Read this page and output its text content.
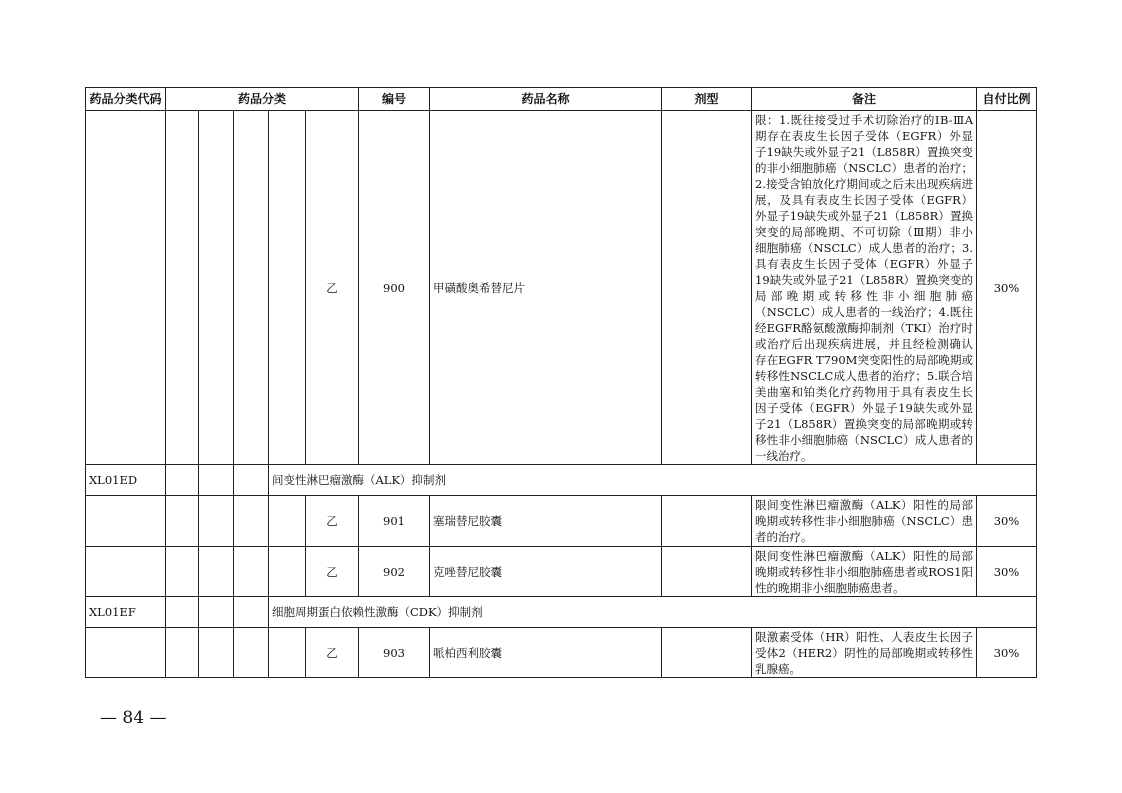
药品分类代码	药品分类					编号	药品名称	剂型	备注	自付比例
					乙	900	甲磺酸奥希替尼片		限：1.既往接受过手术切除治疗的ⅠB-ⅢA期存在表皮生长因子受体（EGFR）外显子19缺失或外显子21（L858R）置换突变的非小细胞肺癌（NSCLC）患者的治疗；2.接受含铂放化疗期间或之后未出现疾病进展，及具有表皮生长因子受体（EGFR）外显子19缺失或外显子21（L858R）置换突变的局部晚期、不可切除（Ⅲ期）非小细胞肺癌（NSCLC）成人患者的治疗；3.具有表皮生长因子受体（EGFR）外显子19缺失或外显子21（L858R）置换突变的局部晚期或转移性非小细胞肺癌（NSCLC）成人患者的一线治疗；4.既往经EGFR酪氨酸激酶抑制剂（TKI）治疗时或治疗后出现疾病进展，并且经检测确认存在EGFR T790M突变阳性的局部晚期或转移性NSCLC成人患者的治疗；5.联合培美曲塞和铂类化疗药物用于具有表皮生长因子受体（EGFR）外显子19缺失或外显子21（L858R）置换突变的局部晚期或转移性非小细胞肺癌（NSCLC）成人患者的一线治疗。	30%
XL01ED				间变性淋巴瘤激酶（ALK）抑制剂						
					乙	901	塞瑞替尼胶囊		限间变性淋巴瘤激酶（ALK）阳性的局部晚期或转移性非小细胞肺癌（NSCLC）患者的治疗。	30%
					乙	902	克唑替尼胶囊		限间变性淋巴瘤激酶（ALK）阳性的局部晚期或转移性非小细胞肺癌患者或ROS1阳性的晚期非小细胞肺癌患者。	30%
XL01EF				细胞周期蛋白依赖性激酶（CDK）抑制剂						
					乙	903	哌柏西利胶囊		限激素受体（HR）阳性、人表皮生长因子受体2（HER2）阴性的局部晚期或转移性乳腺癌。	30%
— 84 —
